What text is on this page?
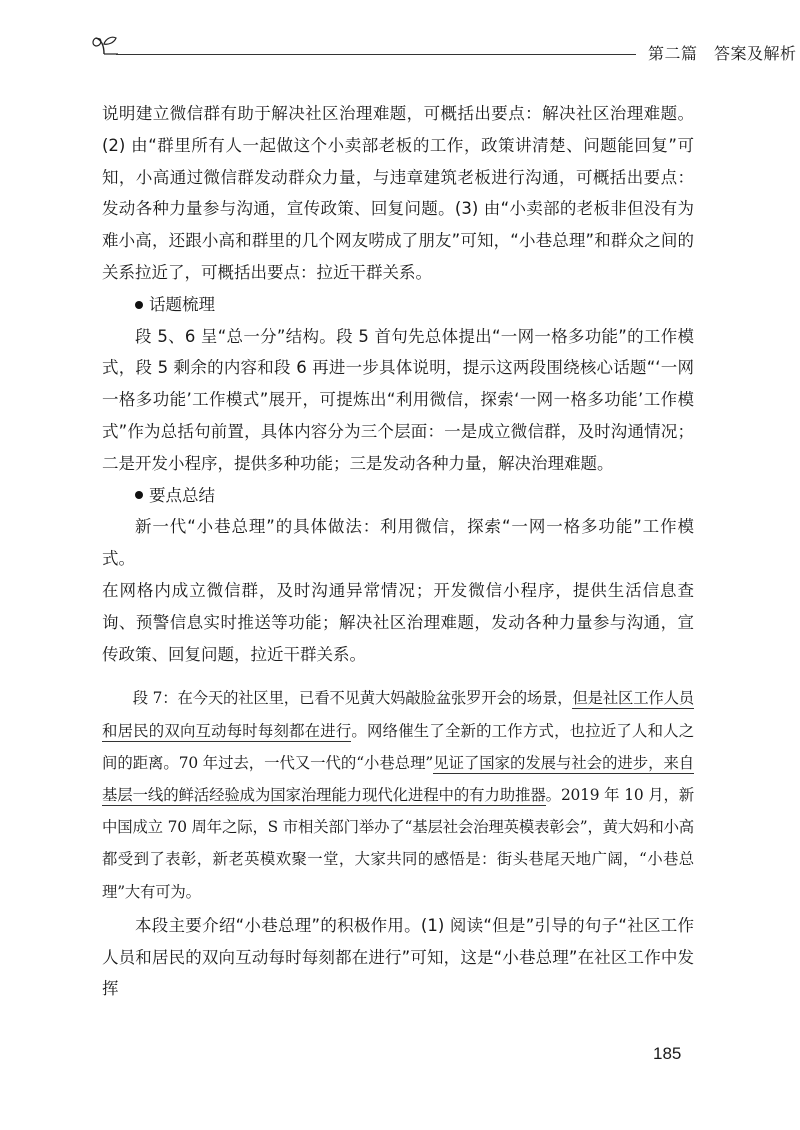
第二篇　答案及解析

说明建立微信群有助于解决社区治理难题，可概括出要点：解决社区治理难题。(2) 由“群里所有人一起做这个小卖部老板的工作，政策讲清楚、问题能回复”可知，小高通过微信群发动群众力量，与违章建筑老板进行沟通，可概括出要点：发动各种力量参与沟通，宣传政策、回复问题。(3) 由“小卖部的老板非但没有为难小高，还跟小高和群里的几个网友唠成了朋友”可知，“小巷总理”和群众之间的关系拉近了，可概括出要点：拉近干群关系。

话题梳理

段 5、6 呈“总一分”结构。段 5 首句先总体提出“一网一格多功能”的工作模式，段 5 剩余的内容和段 6 再进一步具体说明，提示这两段围绕核心话题“‘一网一格多功能’工作模式”展开，可提炼出“利用微信，探索‘一网一格多功能’工作模式”作为总括句前置，具体内容分为三个层面：一是成立微信群，及时沟通情况；二是开发小程序，提供多种功能；三是发动各种力量，解决治理难题。

要点总结

新一代“小巷总理”的具体做法：利用微信，探索“一网一格多功能”工作模式。

在网格内成立微信群，及时沟通异常情况；开发微信小程序，提供生活信息查询、预警信息实时推送等功能；解决社区治理难题，发动各种力量参与沟通，宣传政策、回复问题，拉近干群关系。

段 7：在今天的社区里，已看不见黄大妈敲脸盆张罗开会的场景，但是社区工作人员和居民的双向互动每时每刻都在进行。网络催生了全新的工作方式，也拉近了人和人之间的距离。70 年过去，一代又一代的“小巷总理”见证了国家的发展与社会的进步，来自基层一线的鲜活经验成为国家治理能力现代化进程中的有力助推器。2019 年 10 月，新中国成立 70 周年之际，S 市相关部门举办了“基层社会治理英模表彰会”，黄大妈和小高都受到了表彰，新老英模欢聚一堂，大家共同的感悟是：街头巷尾天地广阔，“小巷总理”大有可为。

本段主要介绍“小巷总理”的积极作用。(1) 阅读“但是”引导的句子“社区工作人员和居民的双向互动每时每刻都在进行”可知，这是“小巷总理”在社区工作中发挥

185
